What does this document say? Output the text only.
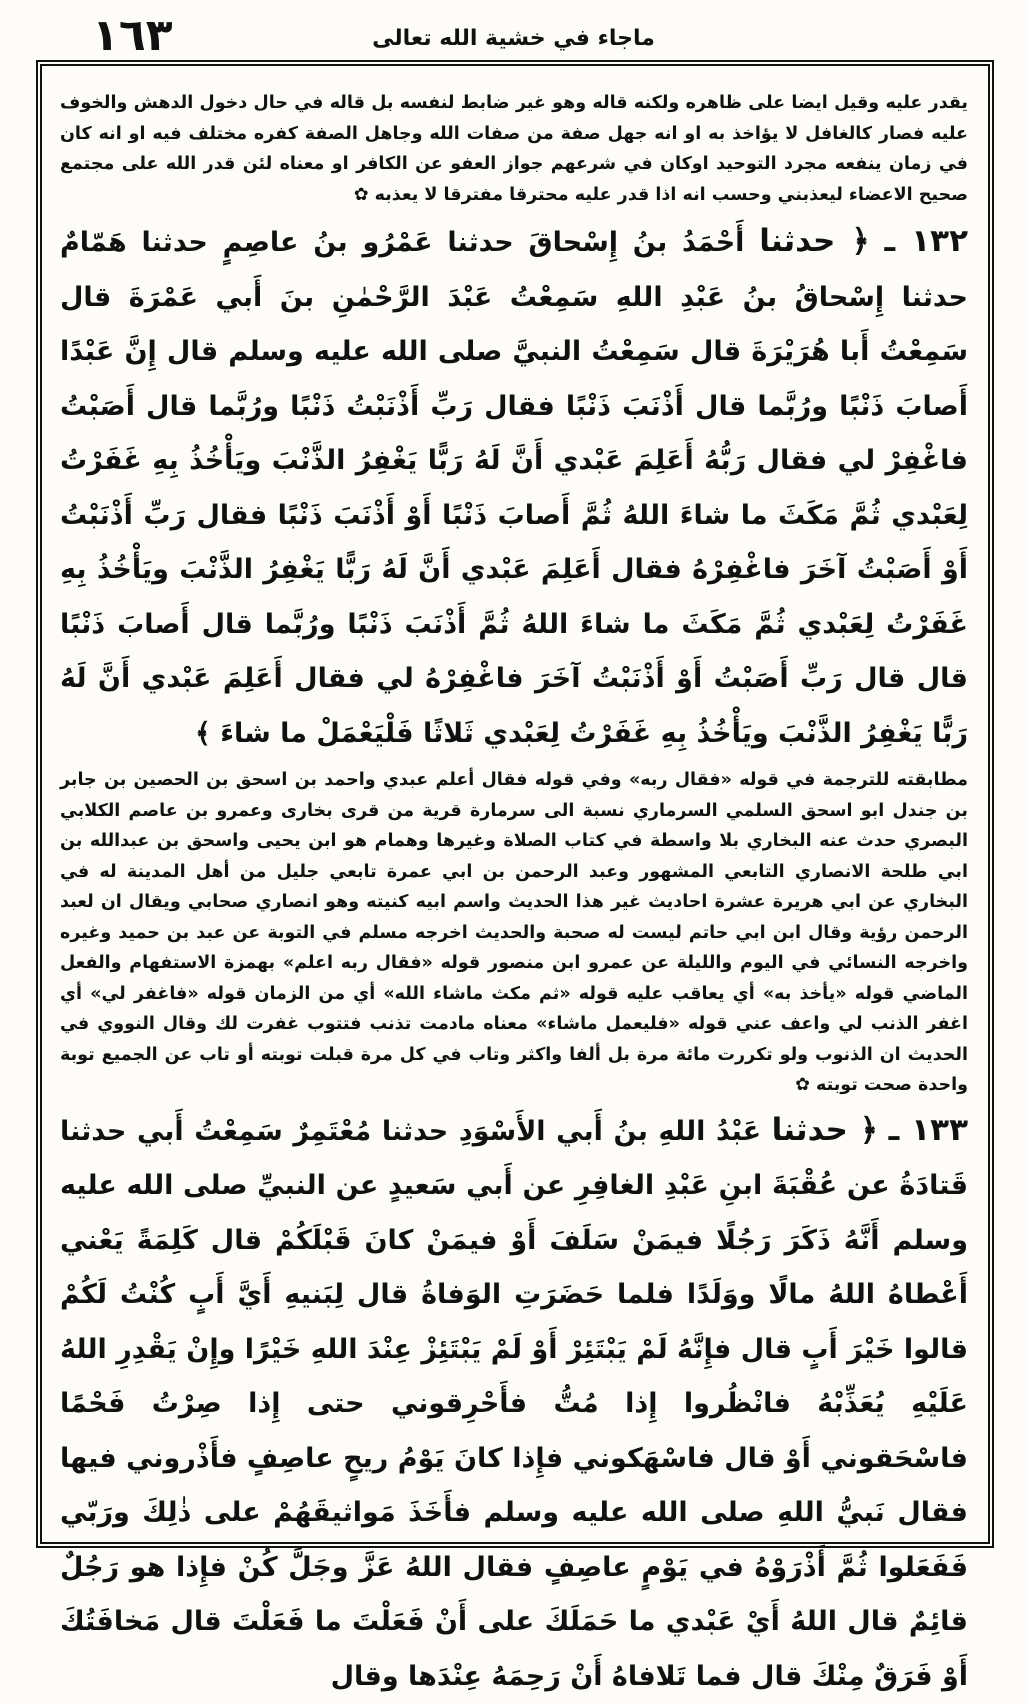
١٦٣	ماجاء في خشية الله تعالى

يقدر عليه وقيل ايضا على ظاهره ولكنه قاله وهو غير ضابط لنفسه بل قاله في حال دخول الدهش والخوف عليه فصار كالغافل لا يؤاخذ به او انه جهل صفة من صفات الله وجاهل الصفة كفره مختلف فيه او انه كان في زمان ينفعه مجرد التوحيد اوكان في شرعهم جواز العفو عن الكافر او معناه لئن قدر الله على مجتمع صحيح الاعضاء ليعذبني وحسب انه اذا قدر عليه محترقا مفترقا لا يعذبه ✿

١٣٢ ـ ﴿ حدثنا أَحْمَدُ بنُ إِسْحاقَ حدثنا عَمْرُو بنُ عاصِمٍ حدثنا هَمّامٌ حدثنا إِسْحاقُ بنُ عَبْدِ اللهِ سَمِعْتُ عَبْدَ الرَّحْمٰنِ بنَ أَبي عَمْرَةَ قال سَمِعْتُ أَبا هُرَيْرَةَ قال سَمِعْتُ النبيَّ صلى الله عليه وسلم قال إِنَّ عَبْدًا أَصابَ ذَنْبًا ورُبَّما قال أَذْنَبَ ذَنْبًا فقال رَبِّ أَذْنَبْتُ ذَنْبًا ورُبَّما قال أَصَبْتُ فاغْفِرْ لي فقال رَبُّهُ أَعَلِمَ عَبْدي أَنَّ لَهُ رَبًّا يَغْفِرُ الذَّنْبَ ويَأْخُذُ بِهِ غَفَرْتُ لِعَبْدي ثُمَّ مَكَثَ ما شاءَ اللهُ ثُمَّ أَصابَ ذَنْبًا أَوْ أَذْنَبَ ذَنْبًا فقال رَبِّ أَذْنَبْتُ أَوْ أَصَبْتُ آخَرَ فاغْفِرْهُ فقال أَعَلِمَ عَبْدي أَنَّ لَهُ رَبًّا يَغْفِرُ الذَّنْبَ ويَأْخُذُ بِهِ غَفَرْتُ لِعَبْدي ثُمَّ مَكَثَ ما شاءَ اللهُ ثُمَّ أَذْنَبَ ذَنْبًا ورُبَّما قال أَصابَ ذَنْبًا قال قال رَبِّ أَصَبْتُ أَوْ أَذْنَبْتُ آخَرَ فاغْفِرْهُ لي فقال أَعَلِمَ عَبْدي أَنَّ لَهُ رَبًّا يَغْفِرُ الذَّنْبَ ويَأْخُذُ بِهِ غَفَرْتُ لِعَبْدي ثَلاثًا فَلْيَعْمَلْ ما شاءَ ﴾

مطابقته للترجمة في قوله «فقال ربه» وفي قوله فقال أعلم عبدي واحمد بن اسحق بن الحصين بن جابر بن جندل ابو اسحق السلمي السرماري نسبة الى سرمارة قرية من قرى بخارى وعمرو بن عاصم الكلابي البصري حدث عنه البخاري بلا واسطة في كتاب الصلاة وغيرها وهمام هو ابن يحيى واسحق بن عبدالله بن ابي طلحة الانصاري التابعي المشهور وعبد الرحمن بن ابي عمرة تابعي جليل من أهل المدينة له في البخاري عن ابي هريرة عشرة احاديث غير هذا الحديث واسم ابيه كنيته وهو انصاري صحابي ويقال ان لعبد الرحمن رؤية وقال ابن ابي حاتم ليست له صحبة والحديث اخرجه مسلم في التوبة عن عبد بن حميد وغيره واخرجه النسائي في اليوم والليلة عن عمرو ابن منصور قوله «فقال ربه اعلم» بهمزة الاستفهام والفعل الماضي قوله «يأخذ به» أي يعاقب عليه قوله «ثم مكث ماشاء الله» أي من الزمان قوله «فاغفر لي» أي اغفر الذنب لي واعف عني قوله «فليعمل ماشاء» معناه مادمت تذنب فتتوب غفرت لك وقال النووي في الحديث ان الذنوب ولو تكررت مائة مرة بل ألفا واكثر وتاب في كل مرة قبلت توبته أو تاب عن الجميع توبة واحدة صحت توبته ✿

١٣٣ ـ ﴿ حدثنا عَبْدُ اللهِ بنُ أَبي الأَسْوَدِ حدثنا مُعْتَمِرٌ سَمِعْتُ أَبي حدثنا قَتادَةُ عن عُقْبَةَ ابنِ عَبْدِ الغافِرِ عن أَبي سَعيدٍ عن النبيِّ صلى الله عليه وسلم أَنَّهُ ذَكَرَ رَجُلًا فيمَنْ سَلَفَ أَوْ فيمَنْ كانَ قَبْلَكُمْ قال كَلِمَةً يَعْني أَعْطاهُ اللهُ مالًا ووَلَدًا فلما حَضَرَتِ الوَفاةُ قال لِبَنيهِ أَيَّ أَبٍ كُنْتُ لَكُمْ قالوا خَيْرَ أَبٍ قال فإِنَّهُ لَمْ يَبْتَئِرْ أَوْ لَمْ يَبْتَئِزْ عِنْدَ اللهِ خَيْرًا وإِنْ يَقْدِرِ اللهُ عَلَيْهِ يُعَذِّبْهُ فانْظُروا إِذا مُتُّ فأَحْرِقوني حتى إِذا صِرْتُ فَحْمًا فاسْحَقوني أَوْ قال فاسْهَكوني فإِذا كانَ يَوْمُ ريحٍ عاصِفٍ فأَذْروني فيها فقال نَبيُّ اللهِ صلى الله عليه وسلم فأَخَذَ مَواثيقَهُمْ على ذٰلِكَ ورَبّي فَفَعَلوا ثُمَّ أَذْرَوْهُ في يَوْمٍ عاصِفٍ فقال اللهُ عَزَّ وجَلَّ كُنْ فإِذا هو رَجُلٌ قائِمٌ قال اللهُ أَيْ عَبْدي ما حَمَلَكَ على أَنْ فَعَلْتَ ما فَعَلْتَ قال مَخافَتُكَ أَوْ فَرَقٌ مِنْكَ قال فما تَلافاهُ أَنْ رَحِمَهُ عِنْدَها وقال
